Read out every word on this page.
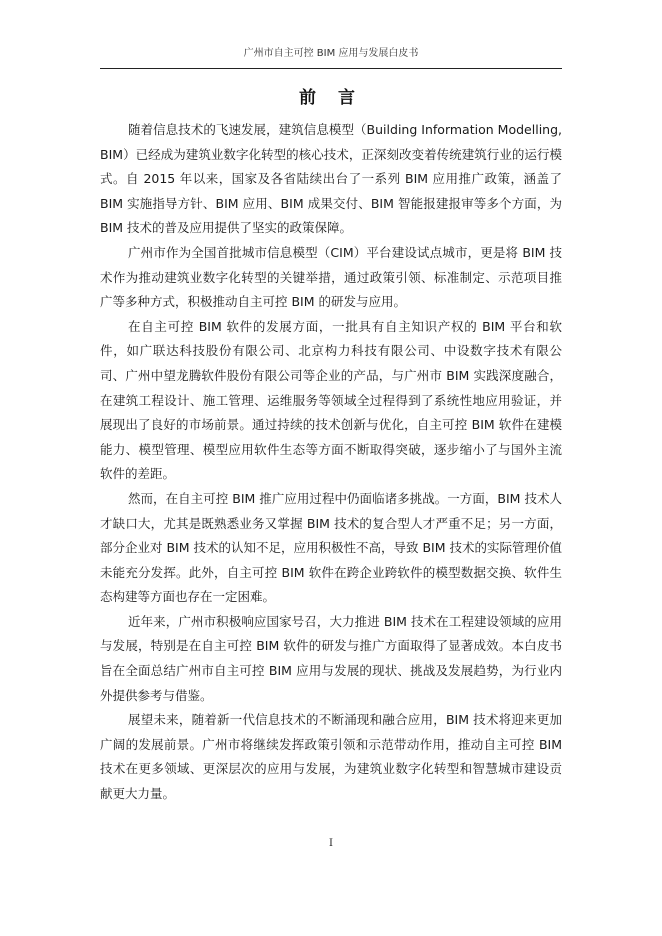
广州市自主可控 BIM 应用与发展白皮书
前 言

随着信息技术的飞速发展，建筑信息模型（Building Information Modelling, BIM）已经成为建筑业数字化转型的核心技术，正深刻改变着传统建筑行业的运行模式。自 2015 年以来，国家及各省陆续出台了一系列 BIM 应用推广政策，涵盖了 BIM 实施指导方针、BIM 应用、BIM 成果交付、BIM 智能报建报审等多个方面，为 BIM 技术的普及应用提供了坚实的政策保障。

广州市作为全国首批城市信息模型（CIM）平台建设试点城市，更是将 BIM 技术作为推动建筑业数字化转型的关键举措，通过政策引领、标准制定、示范项目推广等多种方式，积极推动自主可控 BIM 的研发与应用。

在自主可控 BIM 软件的发展方面，一批具有自主知识产权的 BIM 平台和软件，如广联达科技股份有限公司、北京构力科技有限公司、中设数字技术有限公司、广州中望龙腾软件股份有限公司等企业的产品，与广州市 BIM 实践深度融合，在建筑工程设计、施工管理、运维服务等领域全过程得到了系统性地应用验证，并展现出了良好的市场前景。通过持续的技术创新与优化，自主可控 BIM 软件在建模能力、模型管理、模型应用软件生态等方面不断取得突破，逐步缩小了与国外主流软件的差距。

然而，在自主可控 BIM 推广应用过程中仍面临诸多挑战。一方面，BIM 技术人才缺口大，尤其是既熟悉业务又掌握 BIM 技术的复合型人才严重不足；另一方面，部分企业对 BIM 技术的认知不足，应用积极性不高，导致 BIM 技术的实际管理价值未能充分发挥。此外，自主可控 BIM 软件在跨企业跨软件的模型数据交换、软件生态构建等方面也存在一定困难。

近年来，广州市积极响应国家号召，大力推进 BIM 技术在工程建设领域的应用与发展，特别是在自主可控 BIM 软件的研发与推广方面取得了显著成效。本白皮书旨在全面总结广州市自主可控 BIM 应用与发展的现状、挑战及发展趋势，为行业内外提供参考与借鉴。

展望未来，随着新一代信息技术的不断涌现和融合应用，BIM 技术将迎来更加广阔的发展前景。广州市将继续发挥政策引领和示范带动作用，推动自主可控 BIM 技术在更多领域、更深层次的应用与发展，为建筑业数字化转型和智慧城市建设贡献更大力量。

I
